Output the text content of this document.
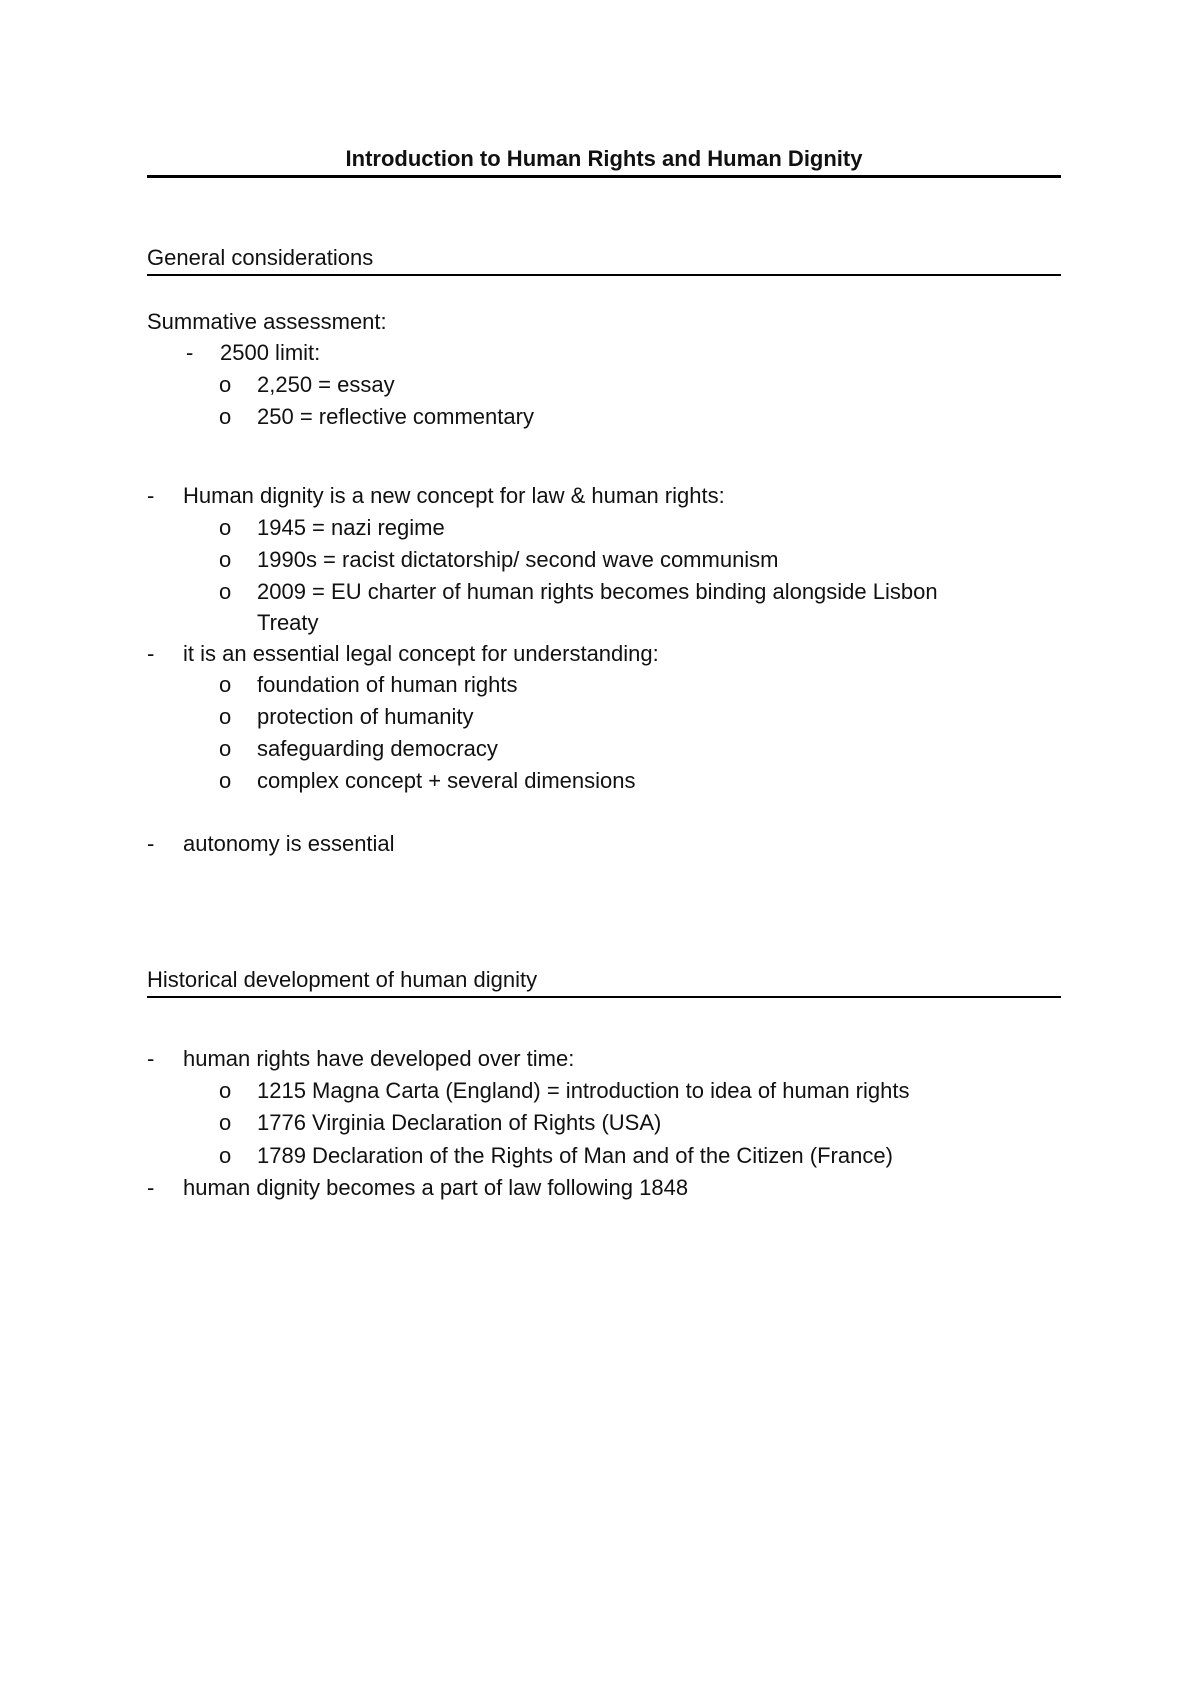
Introduction to Human Rights and Human Dignity
General considerations
Summative assessment:
- 2500 limit:
o 2,250 = essay
o 250 = reflective commentary
- Human dignity is a new concept for law & human rights:
o 1945 = nazi regime
o 1990s = racist dictatorship/ second wave communism
o 2009 = EU charter of human rights becomes binding alongside Lisbon
Treaty
- it is an essential legal concept for understanding:
o foundation of human rights
o protection of humanity
o safeguarding democracy
o complex concept + several dimensions
- autonomy is essential
Historical development of human dignity
- human rights have developed over time:
o 1215 Magna Carta (England) = introduction to idea of human rights
o 1776 Virginia Declaration of Rights (USA)
o 1789 Declaration of the Rights of Man and of the Citizen (France)
- human dignity becomes a part of law following 1848
